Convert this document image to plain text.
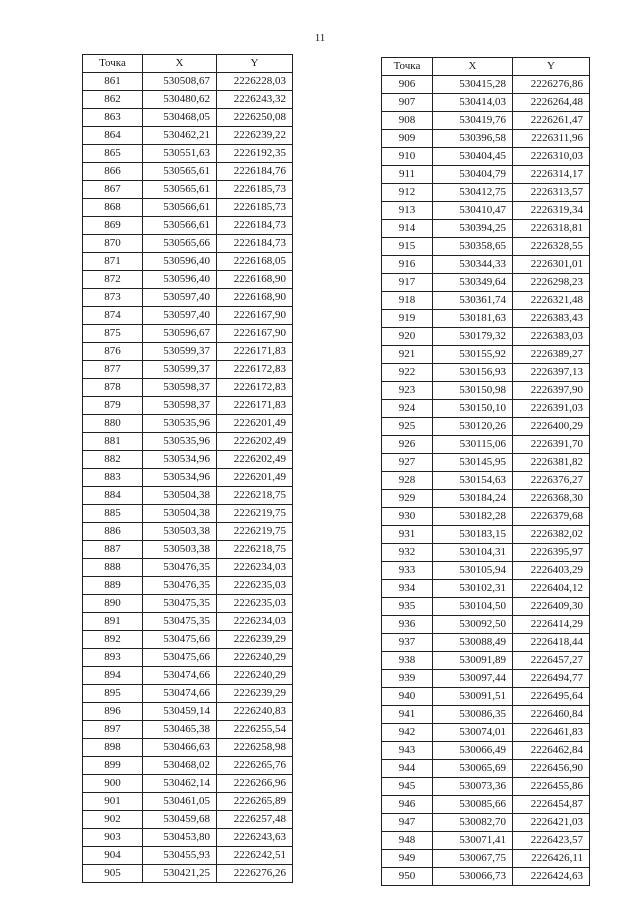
11
Точка	X	Y
861	530508,67	2226228,03
862	530480,62	2226243,32
863	530468,05	2226250,08
864	530462,21	2226239,22
865	530551,63	2226192,35
866	530565,61	2226184,76
867	530565,61	2226185,73
868	530566,61	2226185,73
869	530566,61	2226184,73
870	530565,66	2226184,73
871	530596,40	2226168,05
872	530596,40	2226168,90
873	530597,40	2226168,90
874	530597,40	2226167,90
875	530596,67	2226167,90
876	530599,37	2226171,83
877	530599,37	2226172,83
878	530598,37	2226172,83
879	530598,37	2226171,83
880	530535,96	2226201,49
881	530535,96	2226202,49
882	530534,96	2226202,49
883	530534,96	2226201,49
884	530504,38	2226218,75
885	530504,38	2226219,75
886	530503,38	2226219,75
887	530503,38	2226218,75
888	530476,35	2226234,03
889	530476,35	2226235,03
890	530475,35	2226235,03
891	530475,35	2226234,03
892	530475,66	2226239,29
893	530475,66	2226240,29
894	530474,66	2226240,29
895	530474,66	2226239,29
896	530459,14	2226240,83
897	530465,38	2226255,54
898	530466,63	2226258,98
899	530468,02	2226265,76
900	530462,14	2226266,96
901	530461,05	2226265,89
902	530459,68	2226257,48
903	530453,80	2226243,63
904	530455,93	2226242,51
905	530421,25	2226276,26
Точка	X	Y
906	530415,28	2226276,86
907	530414,03	2226264,48
908	530419,76	2226261,47
909	530396,58	2226311,96
910	530404,45	2226310,03
911	530404,79	2226314,17
912	530412,75	2226313,57
913	530410,47	2226319,34
914	530394,25	2226318,81
915	530358,65	2226328,55
916	530344,33	2226301,01
917	530349,64	2226298,23
918	530361,74	2226321,48
919	530181,63	2226383,43
920	530179,32	2226383,03
921	530155,92	2226389,27
922	530156,93	2226397,13
923	530150,98	2226397,90
924	530150,10	2226391,03
925	530120,26	2226400,29
926	530115,06	2226391,70
927	530145,95	2226381,82
928	530154,63	2226376,27
929	530184,24	2226368,30
930	530182,28	2226379,68
931	530183,15	2226382,02
932	530104,31	2226395,97
933	530105,94	2226403,29
934	530102,31	2226404,12
935	530104,50	2226409,30
936	530092,50	2226414,29
937	530088,49	2226418,44
938	530091,89	2226457,27
939	530097,44	2226494,77
940	530091,51	2226495,64
941	530086,35	2226460,84
942	530074,01	2226461,83
943	530066,49	2226462,84
944	530065,69	2226456,90
945	530073,36	2226455,86
946	530085,66	2226454,87
947	530082,70	2226421,03
948	530071,41	2226423,57
949	530067,75	2226426,11
950	530066,73	2226424,63
